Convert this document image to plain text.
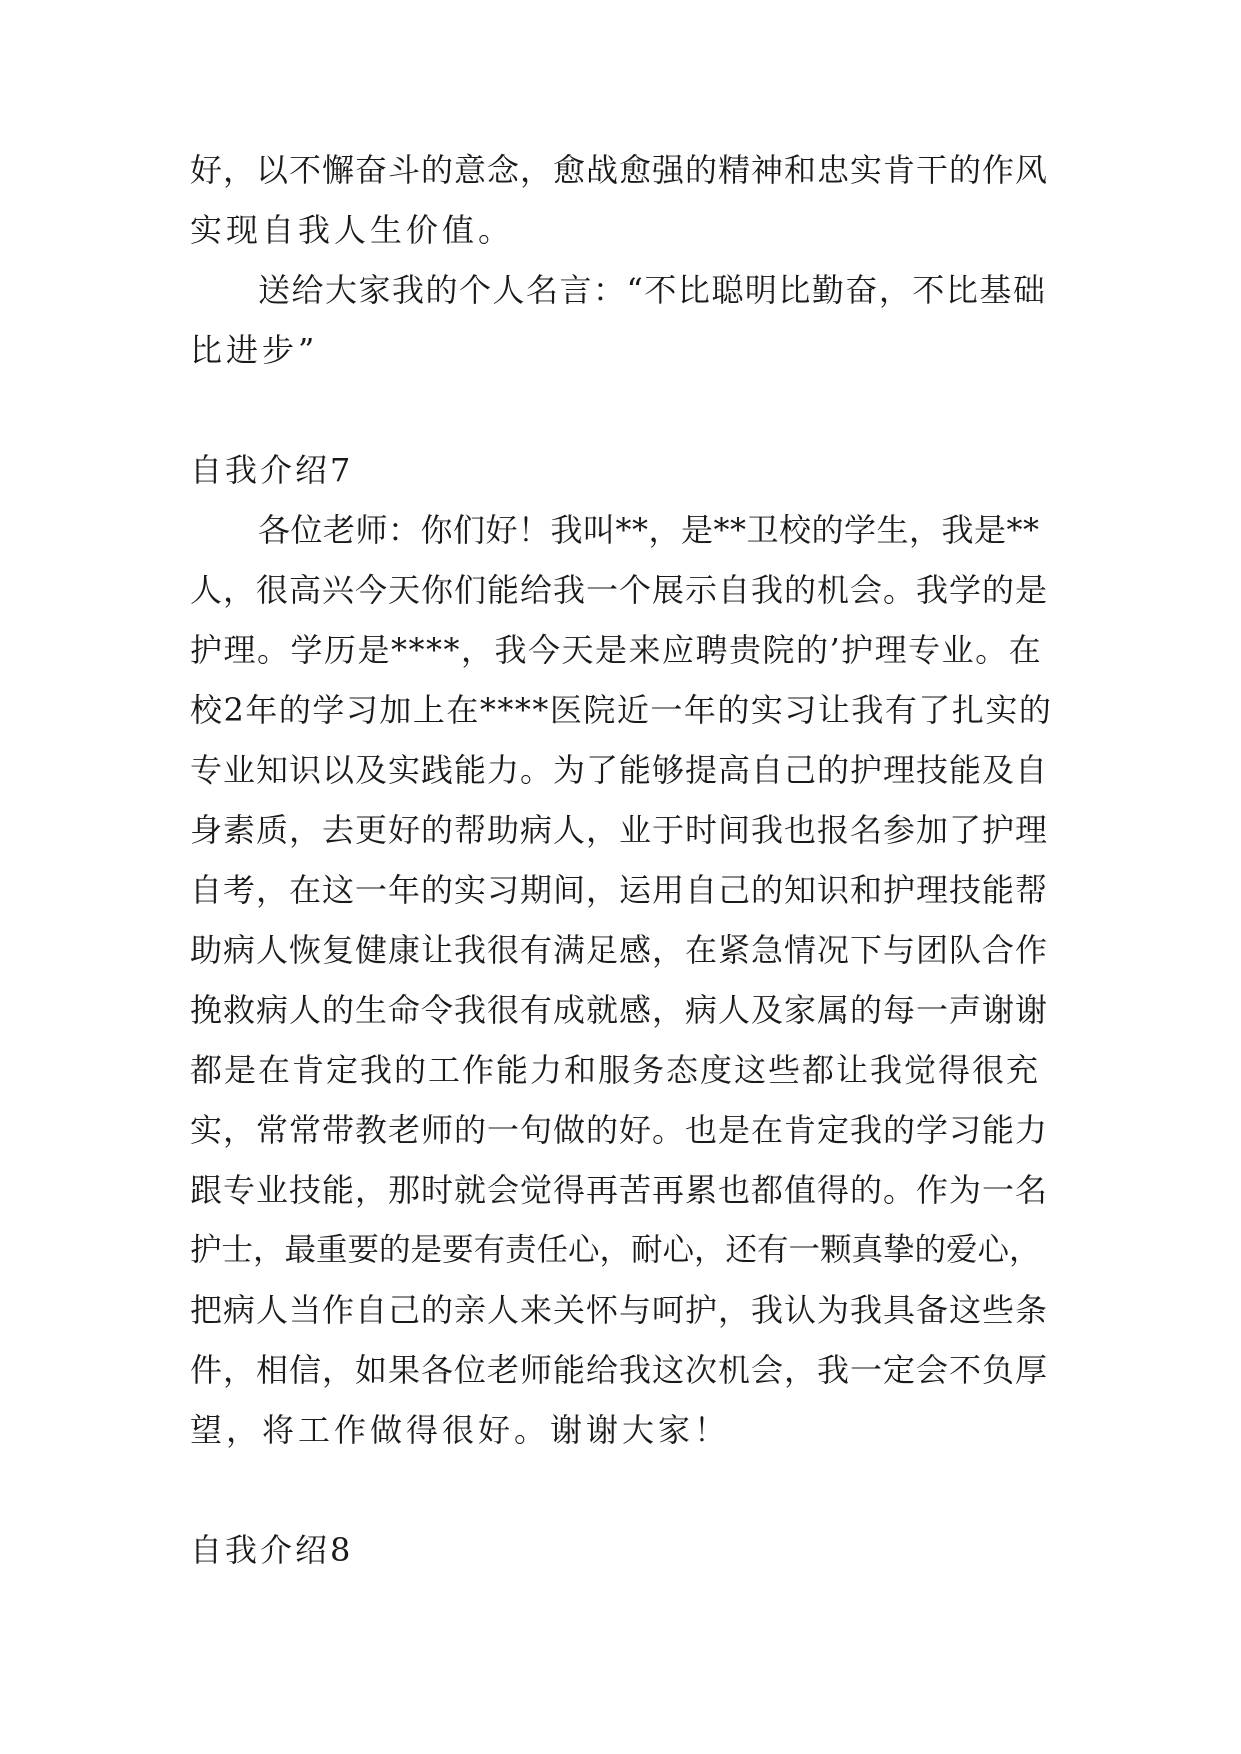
好，以不懈奋斗的意念，愈战愈强的精神和忠实肯干的作风
实现自我人生价值。
送给大家我的个人名言：“不比聪明比勤奋，不比基础
比进步”
自我介绍7
各位老师：你们好！我叫**，是**卫校的学生，我是**
人，很高兴今天你们能给我一个展示自我的机会。我学的是
护理。学历是****，我今天是来应聘贵院的’护理专业。在
校2年的学习加上在****医院近一年的实习让我有了扎实的
专业知识以及实践能力。为了能够提高自己的护理技能及自
身素质，去更好的帮助病人，业于时间我也报名参加了护理
自考，在这一年的实习期间，运用自己的知识和护理技能帮
助病人恢复健康让我很有满足感，在紧急情况下与团队合作
挽救病人的生命令我很有成就感，病人及家属的每一声谢谢
都是在肯定我的工作能力和服务态度这些都让我觉得很充
实，常常带教老师的一句做的好。也是在肯定我的学习能力
跟专业技能，那时就会觉得再苦再累也都值得的。作为一名
护士，最重要的是要有责任心，耐心，还有一颗真挚的爱心，
把病人当作自己的亲人来关怀与呵护，我认为我具备这些条
件，相信，如果各位老师能给我这次机会，我一定会不负厚
望，将工作做得很好。谢谢大家！
自我介绍8
